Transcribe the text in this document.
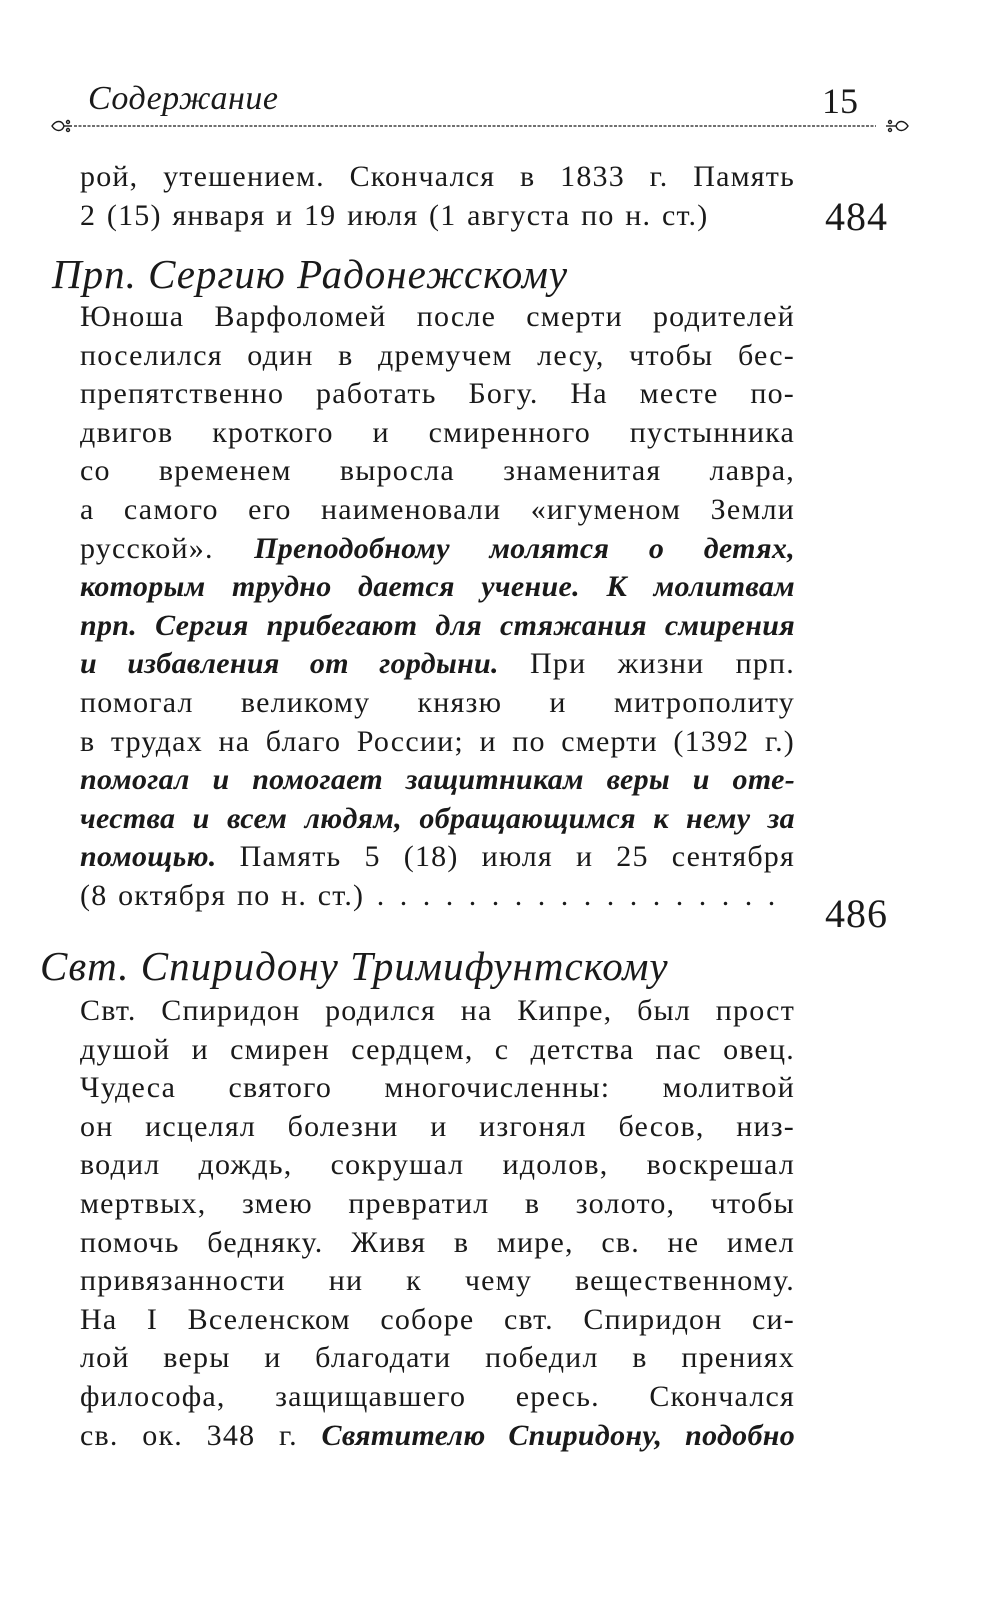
Содержание	15
рой, утешением. Скончался в 1833 г. Память
2 (15) января и 19 июля (1 августа по н. ст.)	484
Прп. Сергию Радонежскому
Юноша Варфоломей после смерти родителей
поселился один в дремучем лесу, чтобы бес-
препятственно работать Богу. На месте по-
двигов кроткого и смиренного пустынника
со временем выросла знаменитая лавра,
а самого его наименовали «игуменом Земли
русской». Преподобному молятся о детях,
которым трудно дается учение. К молитвам
прп. Сергия прибегают для стяжания смирения
и избавления от гордыни. При жизни прп.
помогал великому князю и митрополиту
в трудах на благо России; и по смерти (1392 г.)
помогал и помогает защитникам веры и оте-
чества и всем людям, обращающимся к нему за
помощью. Память 5 (18) июля и 25 сентября
(8 октября по н. ст.) . . . . . . . . . . . . . . . . . .	486
Свт. Спиридону Тримифунтскому
Свт. Спиридон родился на Кипре, был прост
душой и смирен сердцем, с детства пас овец.
Чудеса святого многочисленны: молитвой
он исцелял болезни и изгонял бесов, низ-
водил дождь, сокрушал идолов, воскрешал
мертвых, змею превратил в золото, чтобы
помочь бедняку. Живя в мире, св. не имел
привязанности ни к чему вещественному.
На I Вселенском соборе свт. Спиридон си-
лой веры и благодати победил в прениях
философа, защищавшего ересь. Скончался
св. ок. 348 г. Святителю Спиридону, подобно
